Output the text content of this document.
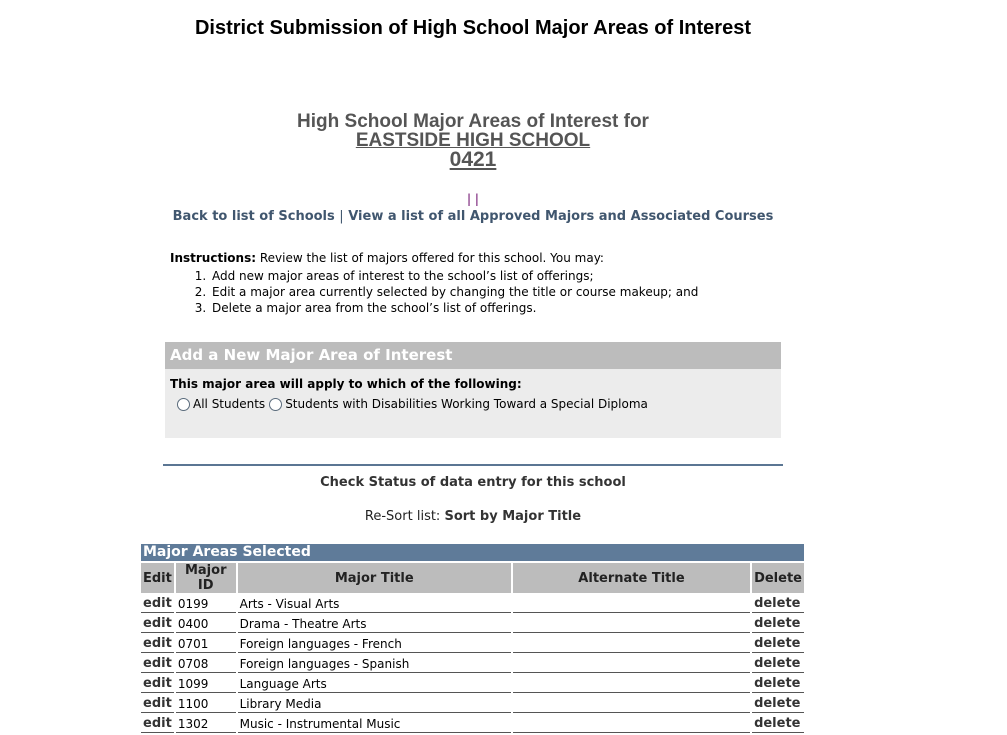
District Submission of High School Major Areas of Interest
High School Major Areas of Interest for
EASTSIDE HIGH SCHOOL
0421
| |
Back to list of Schools | View a list of all Approved Majors and Associated Courses
Instructions: Review the list of majors offered for this school. You may:
1. Add new major areas of interest to the school’s list of offerings;
2. Edit a major area currently selected by changing the title or course makeup; and
3. Delete a major area from the school’s list of offerings.
Add a New Major Area of Interest
This major area will apply to which of the following:
All Students Students with Disabilities Working Toward a Special Diploma
Check Status of data entry for this school
Re-Sort list: Sort by Major Title
Major Areas Selected
Edit	Major ID	Major Title	Alternate Title	Delete
edit	0199	Arts - Visual Arts		delete
edit	0400	Drama - Theatre Arts		delete
edit	0701	Foreign languages - French		delete
edit	0708	Foreign languages - Spanish		delete
edit	1099	Language Arts		delete
edit	1100	Library Media		delete
edit	1302	Music - Instrumental Music		delete
